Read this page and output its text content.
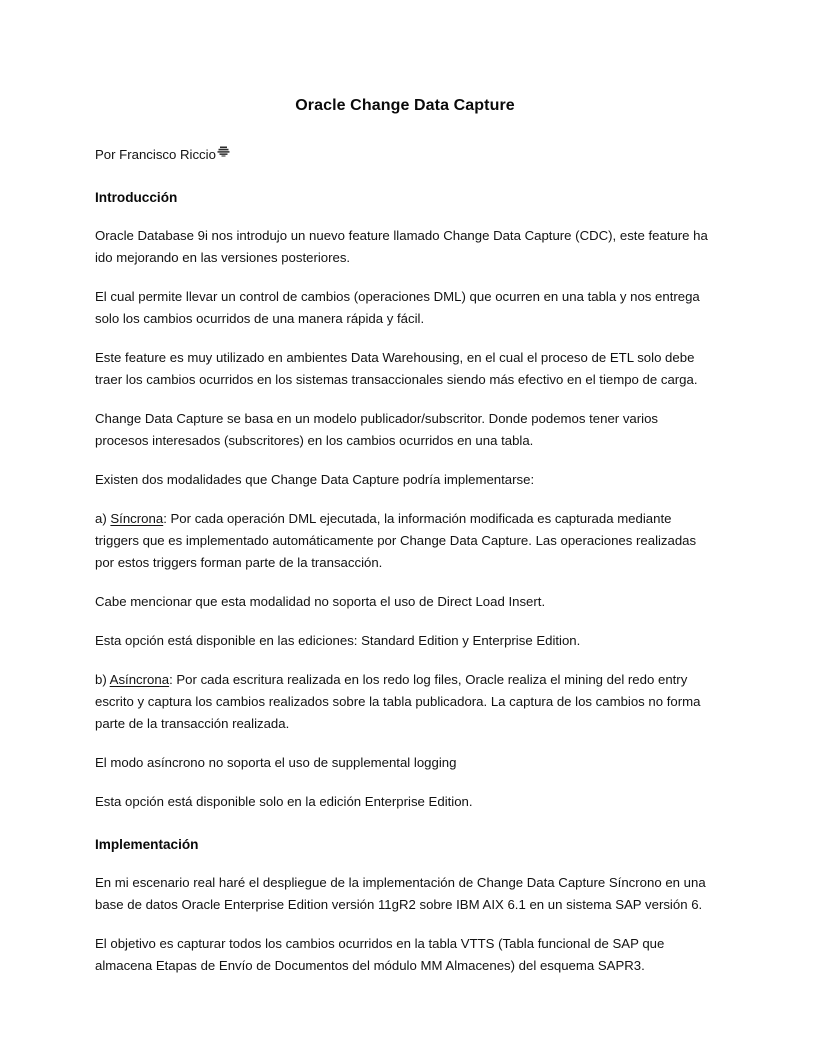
Oracle Change Data Capture

Por Francisco Riccio

Introducción

Oracle Database 9i nos introdujo un nuevo feature llamado Change Data Capture (CDC), este feature ha ido mejorando en las versiones posteriores.

El cual permite llevar un control de cambios (operaciones DML) que ocurren en una tabla y nos entrega solo los cambios ocurridos de una manera rápida y fácil.

Este feature es muy utilizado en ambientes Data Warehousing, en el cual el proceso de ETL solo debe traer los cambios ocurridos en los sistemas transaccionales siendo más efectivo en el tiempo de carga.

Change Data Capture se basa en un modelo publicador/subscritor. Donde podemos tener varios procesos interesados (subscritores) en los cambios ocurridos en una tabla.

Existen dos modalidades que Change Data Capture podría implementarse:

a) Síncrona: Por cada operación DML ejecutada, la información modificada es capturada mediante triggers que es implementado automáticamente por Change Data Capture. Las operaciones realizadas por estos triggers forman parte de la transacción.

Cabe mencionar que esta modalidad no soporta el uso de Direct Load Insert.

Esta opción está disponible en las ediciones: Standard Edition y Enterprise Edition.

b) Asíncrona: Por cada escritura realizada en los redo log files, Oracle realiza el mining del redo entry escrito y captura los cambios realizados sobre la tabla publicadora. La captura de los cambios no forma parte de la transacción realizada.

El modo asíncrono no soporta el uso de supplemental logging

Esta opción está disponible solo en la edición Enterprise Edition.

Implementación

En mi escenario real haré el despliegue de la implementación de Change Data Capture Síncrono en una base de datos Oracle Enterprise Edition versión 11gR2 sobre IBM AIX 6.1 en un sistema SAP versión 6.

El objetivo es capturar todos los cambios ocurridos en la tabla VTTS (Tabla funcional de SAP que almacena Etapas de Envío de Documentos del módulo MM Almacenes) del esquema SAPR3.
